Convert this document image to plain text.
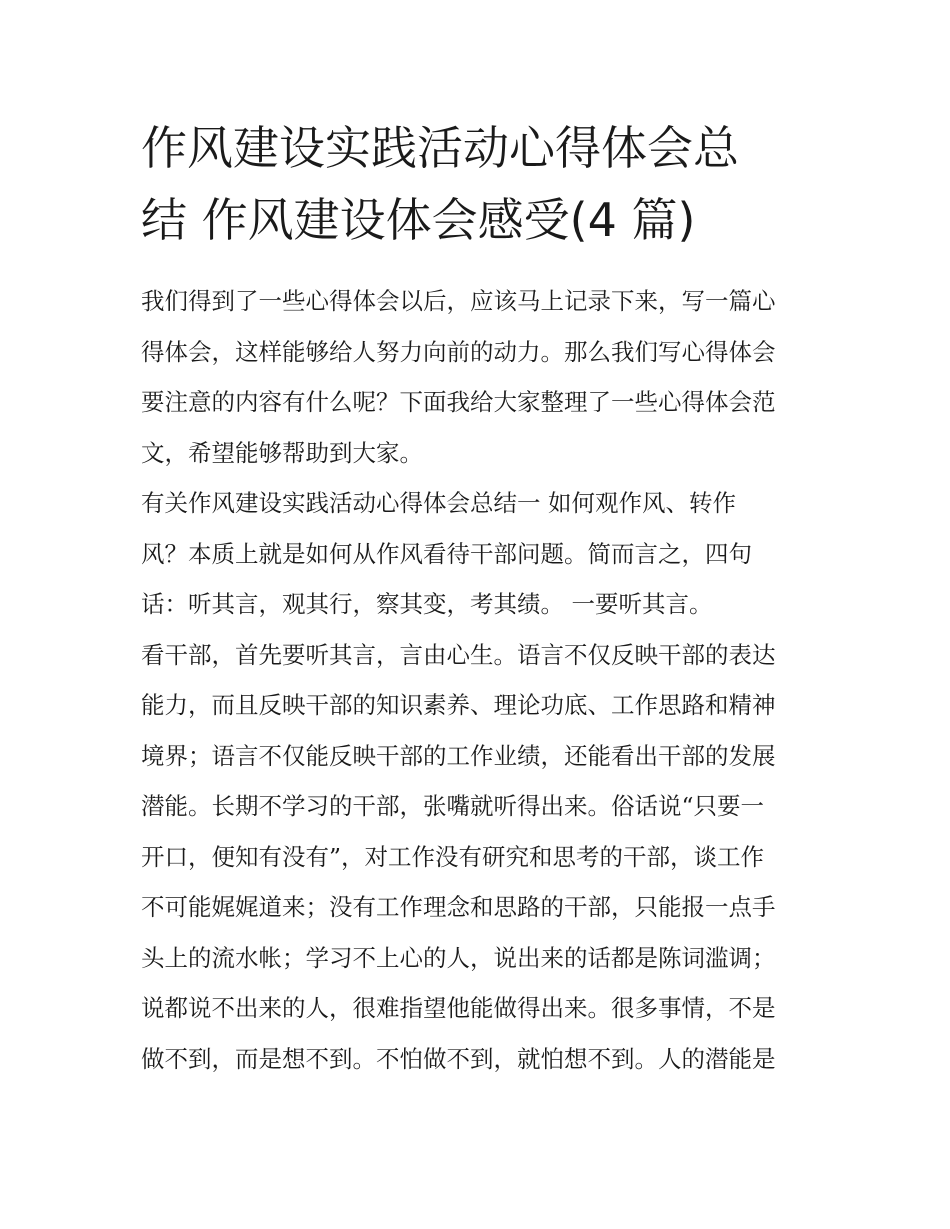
作风建设实践活动心得体会总
结 作风建设体会感受(4 篇)
我们得到了一些心得体会以后，应该马上记录下来，写一篇心
得体会，这样能够给人努力向前的动力。那么我们写心得体会
要注意的内容有什么呢？下面我给大家整理了一些心得体会范
文，希望能够帮助到大家。
有关作风建设实践活动心得体会总结一 如何观作风、转作
风？本质上就是如何从作风看待干部问题。简而言之，四句
话：听其言，观其行，察其变，考其绩。 一要听其言。
看干部，首先要听其言，言由心生。语言不仅反映干部的表达
能力，而且反映干部的知识素养、理论功底、工作思路和精神
境界；语言不仅能反映干部的工作业绩，还能看出干部的发展
潜能。长期不学习的干部，张嘴就听得出来。俗话说“只要一
开口，便知有没有”，对工作没有研究和思考的干部，谈工作
不可能娓娓道来；没有工作理念和思路的干部，只能报一点手
头上的流水帐；学习不上心的人，说出来的话都是陈词滥调；
说都说不出来的人，很难指望他能做得出来。很多事情，不是
做不到，而是想不到。不怕做不到，就怕想不到。人的潜能是
